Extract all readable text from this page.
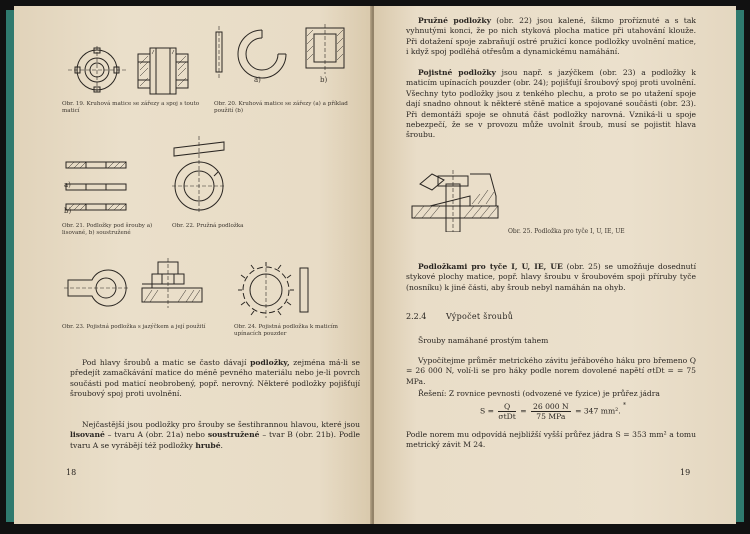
Obr. 19. Kruhová matice se zářezy a spoj s touto maticí
a)	b)
Obr. 20. Kruhová matice se zářezy (a) a příklad použití (b)
a)
b)
Obr. 21. Podložky pod šrouby a) lisované, b) soustružené
Obr. 22. Pružná podložka
Obr. 23. Pojistná podložka s jazýčkem a její použití	Obr. 24. Pojistná podložka k maticím upínacích pouzder
Pod hlavy šroubů a matic se často dávají podložky, zejména má-li se předejít zamačkávání matice do méně pevného materiálu nebo je-li povrch součásti pod maticí neobrobený, popř. nerovný. Některé podložky pojišťují šroubový spoj proti uvolnění.
Nejčastější jsou podložky pro šrouby se šestihrannou hlavou, které jsou lisované – tvaru A (obr. 21a) nebo soustružené – tvar B (obr. 21b). Podle tvaru A se vyrábějí též podložky hrubé.
18
Pružné podložky (obr. 22) jsou kalené, šikmo proříznuté a s tak vyhnutými konci, že po nich styková plocha matice při utahování klouže. Při dotažení spoje zabraňují ostré pružicí konce podložky uvolnění matice, i když spoj podléhá otřesům a dynamickému namáhání.
Pojistné podložky jsou např. s jazýčkem (obr. 23) a podložky k maticím upínacích pouzder (obr. 24); pojišťují šroubový spoj proti uvolnění. Všechny tyto podložky jsou z tenkého plechu, a proto se po utažení spoje dají snadno ohnout k některé stěně matice a spojované součásti (obr. 23). Při demontáži spoje se ohnutá část podložky narovná. Vzniká-li u spoje nebezpečí, že se v provozu může uvolnit šroub, musí se pojistit hlava šroubu.
Obr. 25. Podložka pro tyče I, U, IE, UE
Podložkami pro tyče I, U, IE, UE (obr. 25) se umožňuje dosednutí stykové plochy matice, popř. hlavy šroubu v šroubovém spoji příruby tyče (nosníku) k jiné části, aby šroub nebyl namáhán na ohyb.
2.2.4 Výpočet šroubů
Šrouby namáhané prostým tahem
Vypočítejme průměr metrického závitu jeřábového háku pro břemeno Q = 26 000 N, volí-li se pro háky podle norem dovolené napětí σtDt = = 75 MPa.
Řešení: Z rovnice pevnosti (odvozené ve fyzice) je průřez jádra
$S = \frac{Q}{\text{σtDt}} = \frac{26 000 N}{\text{75 MPa}} = 347$ mm². *
Podle norem mu odpovídá nejbližší vyšší průřez jádra S = 353 mm² a tomu metrický závit M 24.
19
